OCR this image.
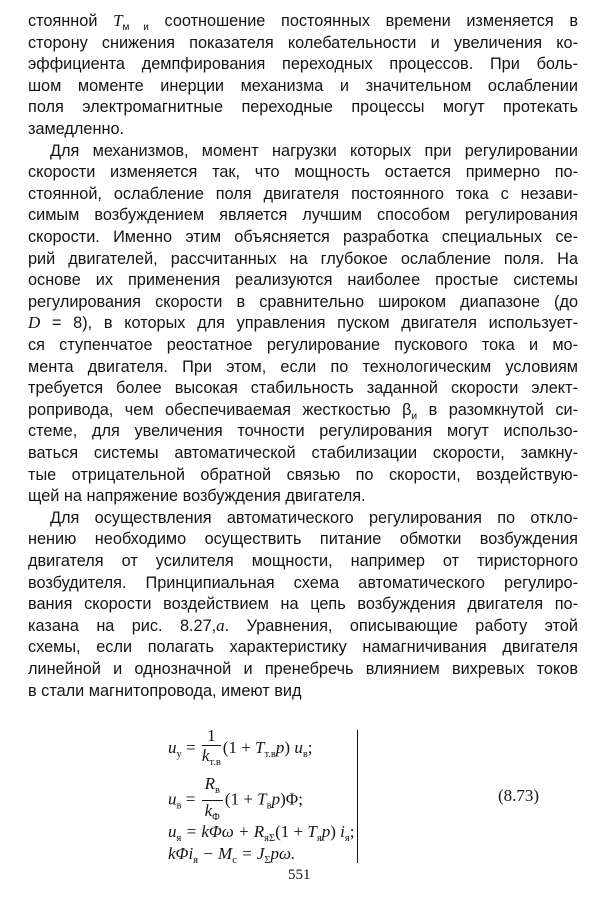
стоянной $T_{м и}$ соотношение постоянных времени изменяется в
сторону снижения показателя колебательности и увеличения ко-
эффициента демпфирования переходных процессов. При боль-
шом моменте инерции механизма и значительном ослаблении
поля электромагнитные переходные процессы могут протекать
замедленно.
Для механизмов, момент нагрузки которых при регулировании
скорости изменяется так, что мощность остается примерно по-
стоянной, ослабление поля двигателя постоянного тока с незави-
симым возбуждением является лучшим способом регулирования
скорости. Именно этим объясняется разработка специальных се-
рий двигателей, рассчитанных на глубокое ослабление поля. На
основе их применения реализуются наиболее простые системы
регулирования скорости в сравнительно широком диапазоне (до
D = 8), в которых для управления пуском двигателя использует-
ся ступенчатое реостатное регулирование пускового тока и мо-
мента двигателя. При этом, если по технологическим условиям
требуется более высокая стабильность заданной скорости элект-
ропривода, чем обеспечиваемая жесткостью $\beta_и$ в разомкнутой си-
стеме, для увеличения точности регулирования могут использо-
ваться системы автоматической стабилизации скорости, замкну-
тые отрицательной обратной связью по скорости, воздействую-
щей на напряжение возбуждения двигателя.
Для осуществления автоматического регулирования по откло-
нению необходимо осуществить питание обмотки возбуждения
двигателя от усилителя мощности, например от тиристорного
возбудителя. Принципиальная схема автоматического регулиро-
вания скорости воздействием на цепь возбуждения двигателя по-
казана на рис. 8.27,а. Уравнения, описывающие работу этой
схемы, если полагать характеристику намагничивания двигателя
линейной и однозначной и пренебречь влиянием вихревых токов
в стали магнитопровода, имеют вид
$u_у = \frac{1}{k_{т.в}} (1 + T_{т.в}p)$ $u_в$;
$u_в = \frac{R_в}{k_\Phi} (1 + T_вp)\Phi$;
$u_я = k\Phi\omega + R_{я\Sigma}(1 + T_яp)$ $i_я$;
$k\Phi i_я - M_с = J_\Sigma p\omega$.
(8.73)
551
